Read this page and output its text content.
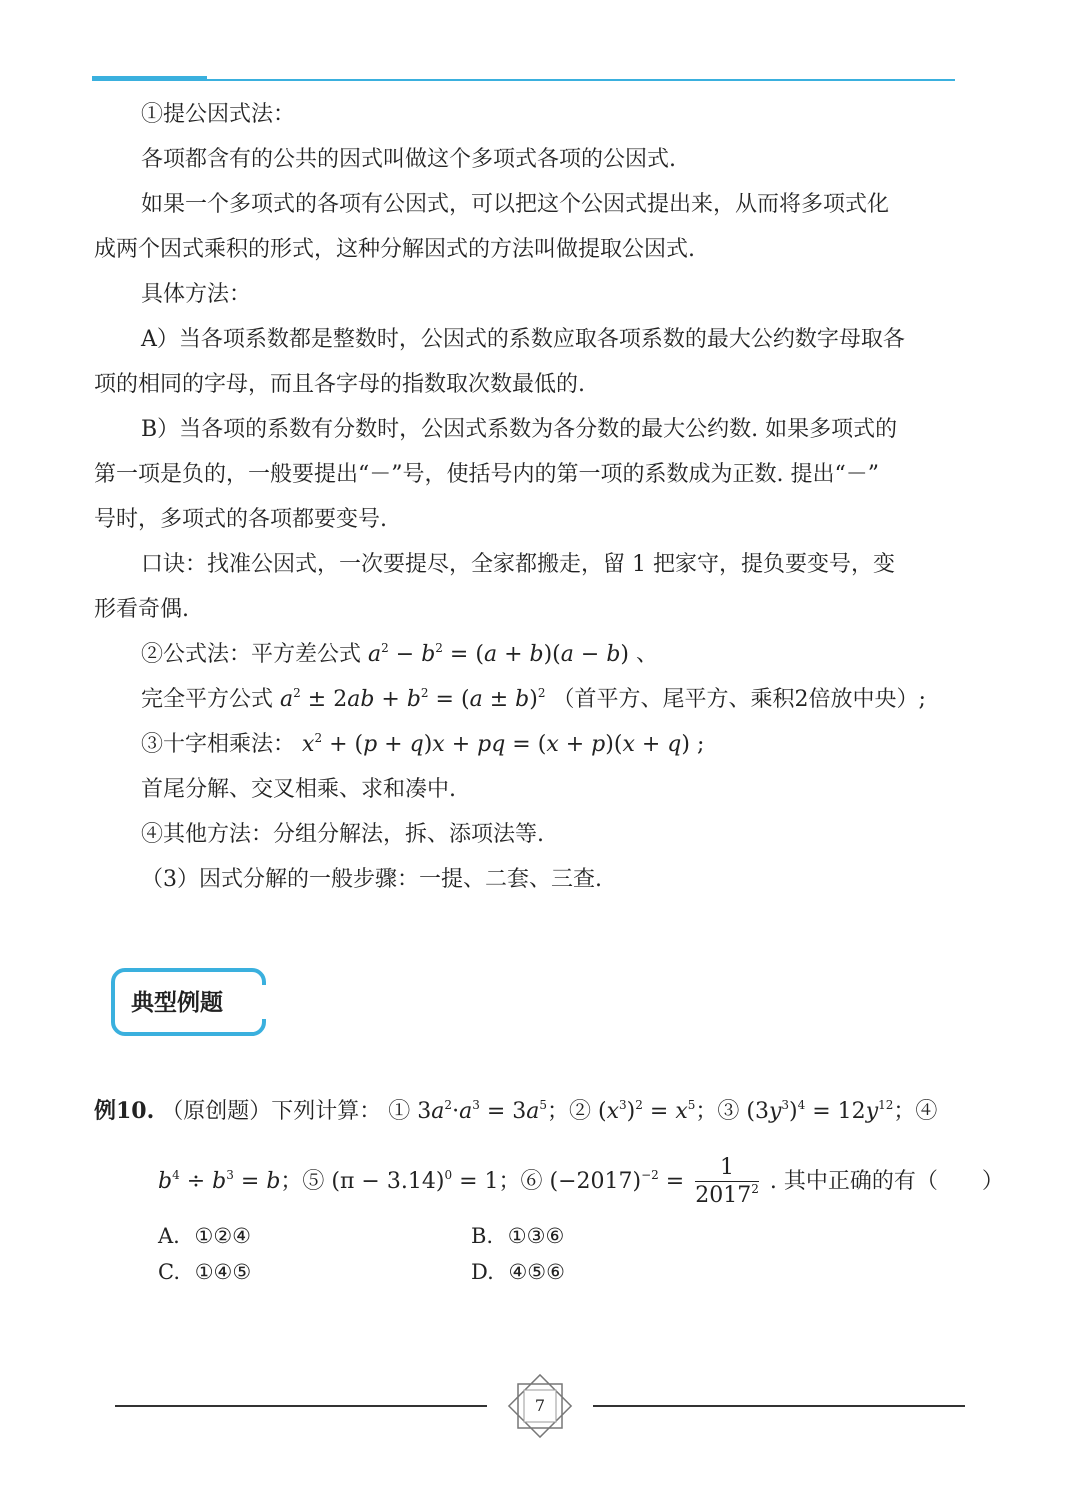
①提公因式法：
各项都含有的公共的因式叫做这个多项式各项的公因式.
如果一个多项式的各项有公因式，可以把这个公因式提出来，从而将多项式化
成两个因式乘积的形式，这种分解因式的方法叫做提取公因式.
具体方法：
A）当各项系数都是整数时，公因式的系数应取各项系数的最大公约数字母取各
项的相同的字母，而且各字母的指数取次数最低的.
B）当各项的系数有分数时，公因式系数为各分数的最大公约数. 如果多项式的
第一项是负的，一般要提出“－”号，使括号内的第一项的系数成为正数. 提出“－”
号时，多项式的各项都要变号.
口诀：找准公因式，一次要提尽，全家都搬走，留 1 把家守，提负要变号，变
形看奇偶.
②公式法：平方差公式 $a^2 - b^2 = (a + b)(a - b)$ 、
完全平方公式 $a^2 \pm 2ab + b^2 = (a \pm b)^2$ （首平方、尾平方、乘积2倍放中央）;
③十字相乘法： $x^2 + (p + q)x$ + pq = (x + p)(x + q) ;
首尾分解、交叉相乘、求和凑中.
④其他方法：分组分解法，拆、添项法等.
（3）因式分解的一般步骤：一提、二套、三查.
典型例题
例10. （原创题）下列计算： ① $3a^2\cdot a^3 = 3a^5$；② $(x^3)^2 = x^5$；③ $(3y^3)^4 = 12y^{12}$；④
$b^4 \div b^3 = b$；⑤ $(\pi - 3.14)^0 = 1$；⑥ $(-2017)^{-2} = \frac{1}{2017^2}$ . 其中正确的有（　　）
A. ①②④	B. ①③⑥
C. ①④⑤	D. ④⑤⑥
7
